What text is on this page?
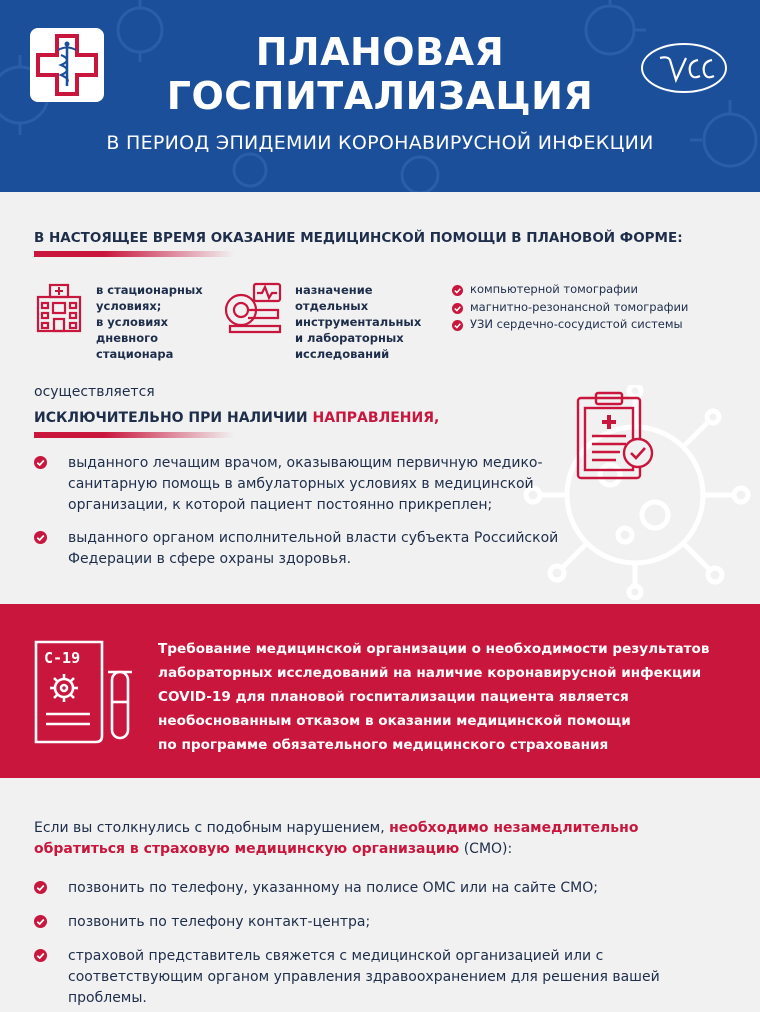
ПЛАНОВАЯ
ГОСПИТАЛИЗАЦИЯ
В ПЕРИОД ЭПИДЕМИИ КОРОНАВИРУСНОЙ ИНФЕКЦИИ
В НАСТОЯЩЕЕ ВРЕМЯ ОКАЗАНИЕ МЕДИЦИНСКОЙ ПОМОЩИ В ПЛАНОВОЙ ФОРМЕ:
в стационарных
условиях;
в условиях
дневного
стационара
назначение
отдельных
инструментальных
и лабораторных
исследований
компьютерной томографии
магнитно-резонансной томографии
УЗИ сердечно-сосудистой системы
осуществляется
ИСКЛЮЧИТЕЛЬНО ПРИ НАЛИЧИИ НАПРАВЛЕНИЯ,
выданного лечащим врачом, оказывающим первичную медико-санитарную помощь в амбулаторных условиях в медицинской организации, к которой пациент постоянно прикреплен;
выданного органом исполнительной власти субъекта Российской Федерации в сфере охраны здоровья.
C-19	Требование медицинской организации о необходимости результатов
лабораторных исследований на наличие коронавирусной инфекции
COVID-19 для плановой госпитализации пациента является
необоснованным отказом в оказании медицинской помощи
по программе обязательного медицинского страхования
Если вы столкнулись с подобным нарушением, необходимо незамедлительно обратиться в страховую медицинскую организацию (СМО):
позвонить по телефону, указанному на полисе ОМС или на сайте СМО;
позвонить по телефону контакт-центра;
страховой представитель свяжется с медицинской организацией или с соответствующим органом управления здравоохранением для решения вашей проблемы.
